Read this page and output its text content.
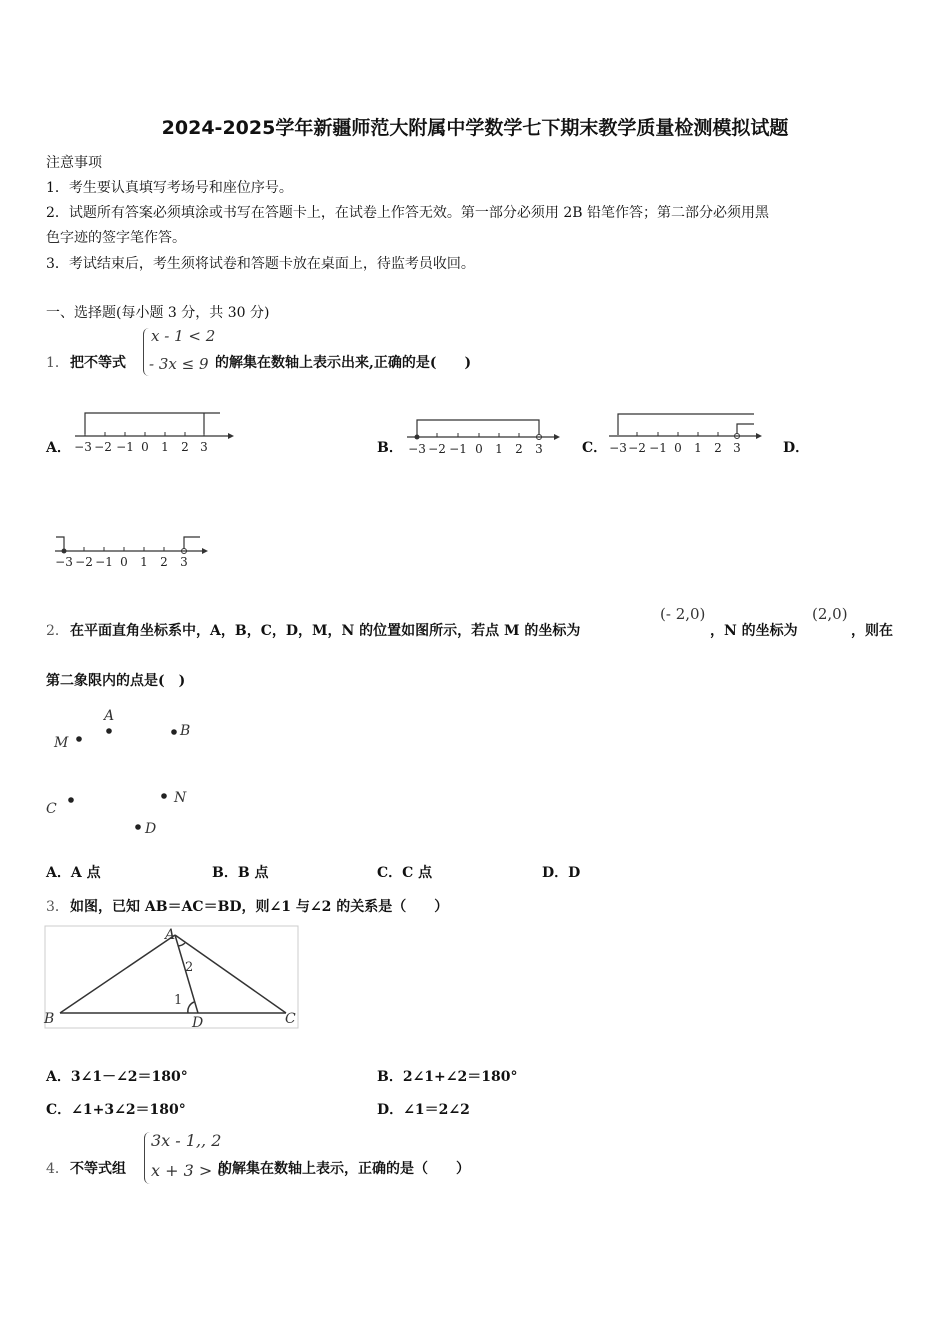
2024-2025学年新疆师范大附属中学数学七下期末教学质量检测模拟试题
注意事项
1．考生要认真填写考场号和座位序号。
2．试题所有答案必须填涂或书写在答题卡上，在试卷上作答无效。第一部分必须用 2B 铅笔作答；第二部分必须用黑
色字迹的签字笔作答。
3．考试结束后，考生须将试卷和答题卡放在桌面上，待监考员收回。
一、选择题(每小题 3 分，共 30 分)
1． 把不等式
x - 1 < 2
- 3x ≤ 9 的解集在数轴上表示出来,正确的是(　　)
A．	B．	C．	D．
−3 −2 −1 0 1 2 3	−3 −2 −1 0 1 2 3	−3 −2 −1 0 1 2 3
−3 −2 −1 0 1 2 3
2． 在平面直角坐标系中，A，B，C，D，M，N 的位置如图所示，若点 M 的坐标为
(- 2,0)
，N 的坐标为
(2,0)
，则在
第二象限内的点是(　)
A
B
M
C
N
D
A．A 点	B．B 点	C．C 点	D．D
3． 如图，已知 AB＝AC＝BD，则∠1 与∠2 的关系是（　　）
A
B	C
D
1
2
A．3∠1－∠2＝180°	B．2∠1+∠2＝180°
C．∠1+3∠2＝180°	D．∠1＝2∠2
4． 不等式组
3x - 1,, 2
x + 3 > 0
的解集在数轴上表示，正确的是（　　）
